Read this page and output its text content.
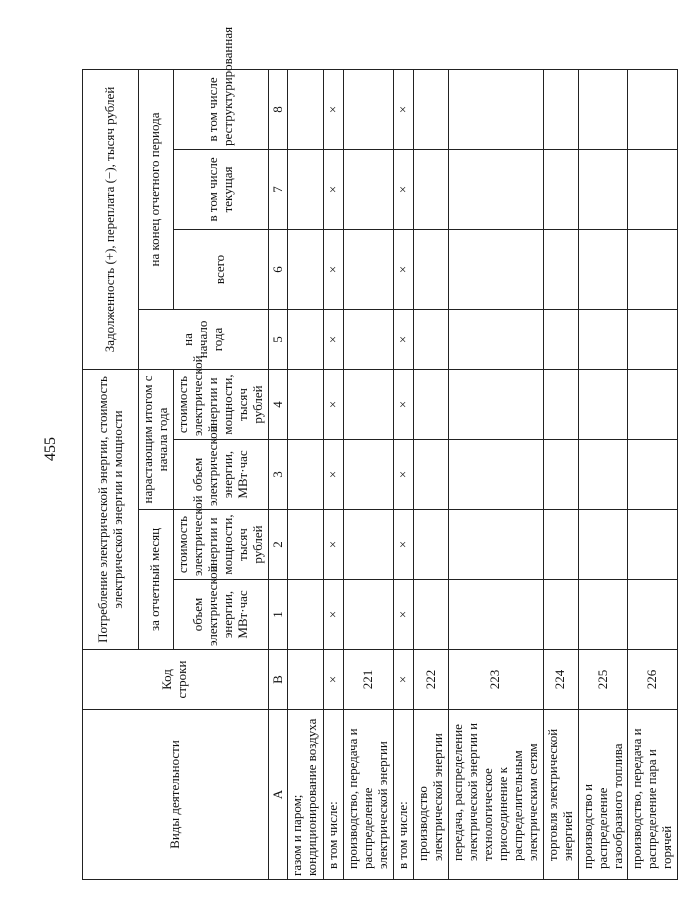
455
Виды деятельности	Код строки	Потребление электрической энергии, стоимость электрической энергии и мощности				Задолженность (+), переплата (−), тысяч рублей			
		за отчетный месяц		нарастающим итогом с начала года		на начало года	на конец отчетного периода		
		объем электрической энергии, МВт·час	стоимость электрической энергии и мощности, тысяч рублей	объем электрической энергии, МВт·час	стоимость электрической энергии и мощности, тысяч рублей		всего	в том числе текущая	в том числе реструктурированная
А	В	1	2	3	4	5	6	7	8
газом и паром; кондиционирование воздуха									
в том числе:	×	×	×	×	×	×	×	×	×
производство, передача и распределение электрической энергии	221								
в том числе:	×	×	×	×	×	×	×	×	×
производство электрической энергии	222								
передача, распределение электрической энергии и технологическое присоединение к распределительным электрическим сетям	223								
торговля электрической энергией	224								
производство и распределение газообразного топлива	225								
производство, передача и распределение пара и горячей	226								
